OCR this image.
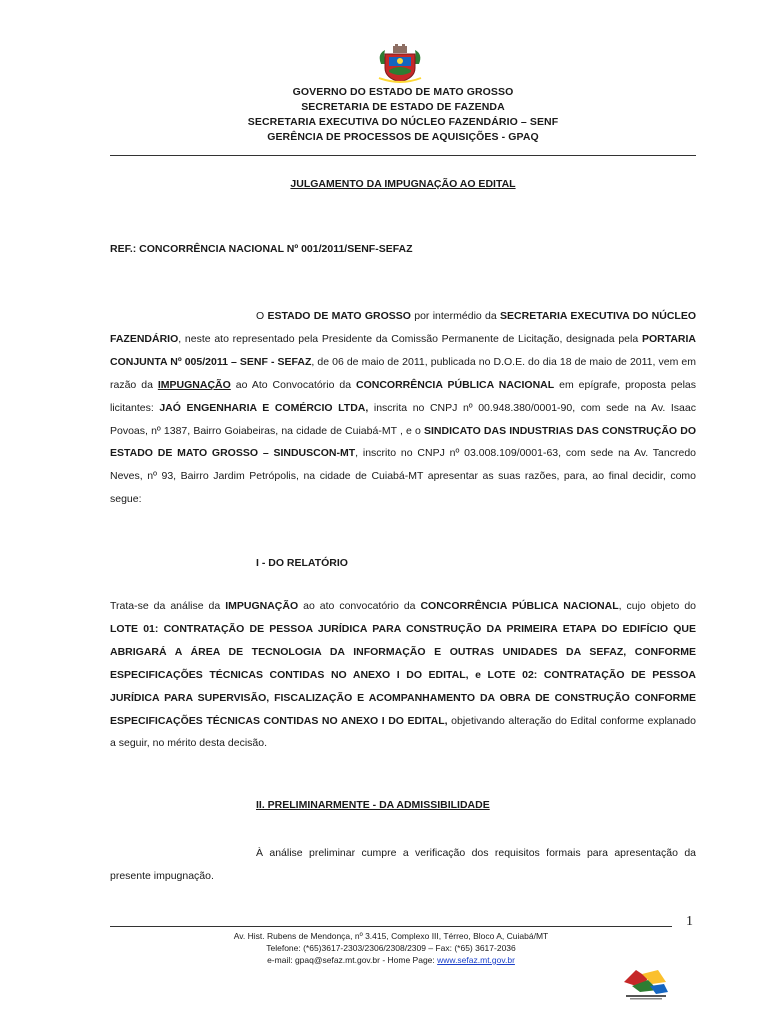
GOVERNO DO ESTADO DE MATO GROSSO
SECRETARIA DE ESTADO DE FAZENDA
SECRETARIA EXECUTIVA DO NÚCLEO FAZENDÁRIO – SENF
GERÊNCIA DE PROCESSOS DE AQUISIÇÕES - GPAQ
JULGAMENTO DA IMPUGNAÇÃO AO EDITAL
REF.: CONCORRÊNCIA NACIONAL Nº 001/2011/SENF-SEFAZ
O ESTADO DE MATO GROSSO por intermédio da SECRETARIA EXECUTIVA DO NÚCLEO FAZENDÁRIO, neste ato representado pela Presidente da Comissão Permanente de Licitação, designada pela PORTARIA CONJUNTA Nº 005/2011 – SENF - SEFAZ, de 06 de maio de 2011, publicada no D.O.E. do dia 18 de maio de 2011, vem em razão da IMPUGNAÇÃO ao Ato Convocatório da CONCORRÊNCIA PÚBLICA NACIONAL em epígrafe, proposta pelas licitantes: JAÓ ENGENHARIA E COMÉRCIO LTDA, inscrita no CNPJ nº 00.948.380/0001-90, com sede na Av. Isaac Povoas, nº 1387, Bairro Goiabeiras, na cidade de Cuiabá-MT , e o SINDICATO DAS INDUSTRIAS DAS CONSTRUÇÃO DO ESTADO DE MATO GROSSO – SINDUSCON-MT, inscrito no CNPJ nº 03.008.109/0001-63, com sede na Av. Tancredo Neves, nº 93, Bairro Jardim Petrópolis, na cidade de Cuiabá-MT apresentar as suas razões, para, ao final decidir, como segue:
I - DO RELATÓRIO
Trata-se da análise da IMPUGNAÇÃO ao ato convocatório da CONCORRÊNCIA PÚBLICA NACIONAL, cujo objeto do LOTE 01: CONTRATAÇÃO DE PESSOA JURÍDICA PARA CONSTRUÇÃO DA PRIMEIRA ETAPA DO EDIFÍCIO QUE ABRIGARÁ A ÁREA DE TECNOLOGIA DA INFORMAÇÃO E OUTRAS UNIDADES DA SEFAZ, CONFORME ESPECIFICAÇÕES TÉCNICAS CONTIDAS NO ANEXO I DO EDITAL, e LOTE 02: CONTRATAÇÃO DE PESSOA JURÍDICA PARA SUPERVISÃO, FISCALIZAÇÃO E ACOMPANHAMENTO DA OBRA DE CONSTRUÇÃO CONFORME ESPECIFICAÇÕES TÉCNICAS CONTIDAS NO ANEXO I DO EDITAL, objetivando alteração do Edital conforme explanado a seguir, no mérito desta decisão.
II. PRELIMINARMENTE - DA ADMISSIBILIDADE
À análise preliminar cumpre a verificação dos requisitos formais para apresentação da presente impugnação.
1
Av. Hist. Rubens de Mendonça, nº 3.415, Complexo III, Térreo, Bloco A, Cuiabá/MT
Telefone: (*65)3617-2303/2306/2308/2309 – Fax: (*65) 3617-2036
e-mail: gpaq@sefaz.mt.gov.br - Home Page: www.sefaz.mt.gov.br
